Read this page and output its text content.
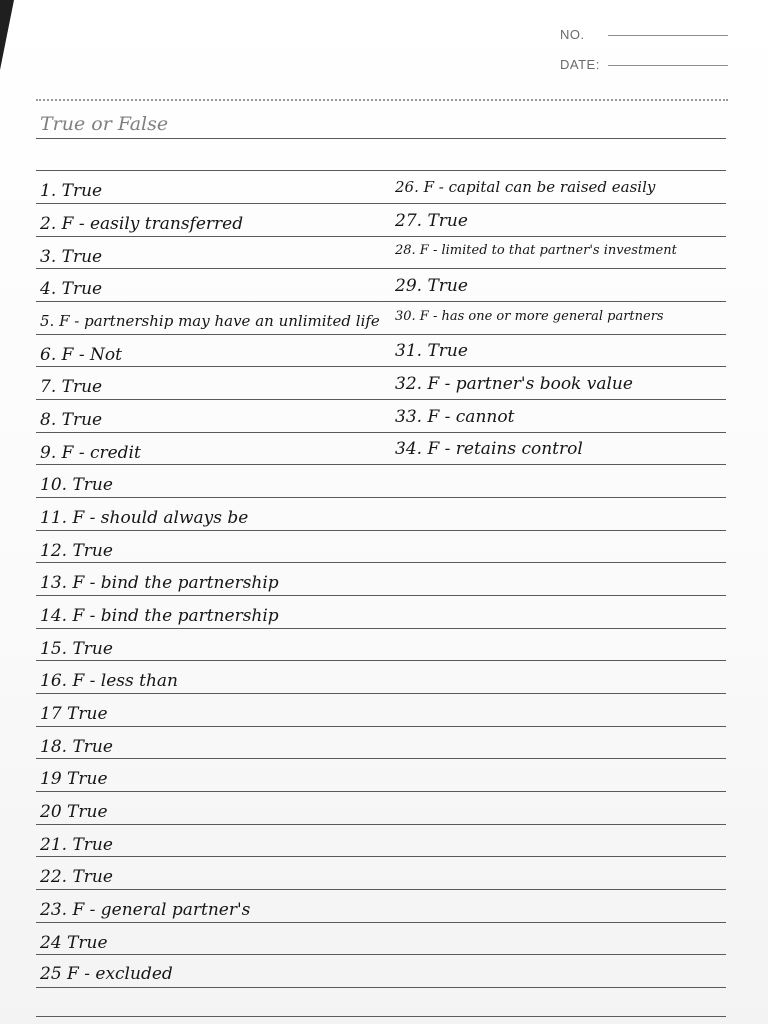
NO.
DATE:
True or False
1. True
2. F - easily transferred
3. True
4. True
5. F - partnership may have an unlimited life
6. F - Not
7. True
8. True
9. F - credit
10. True
11. F - should always be
12. True
13. F - bind the partnership
14. F - bind the partnership
15. True
16. F - less than
17 True
18. True
19 True
20 True
21. True
22. True
23. F - general partner's
24 True
25 F - excluded
26. F - capital can be raised easily
27. True
28. F - limited to that partner's investment
29. True
30. F - has one or more general partners
31. True
32. F - partner's book value
33. F - cannot
34. F - retains control
